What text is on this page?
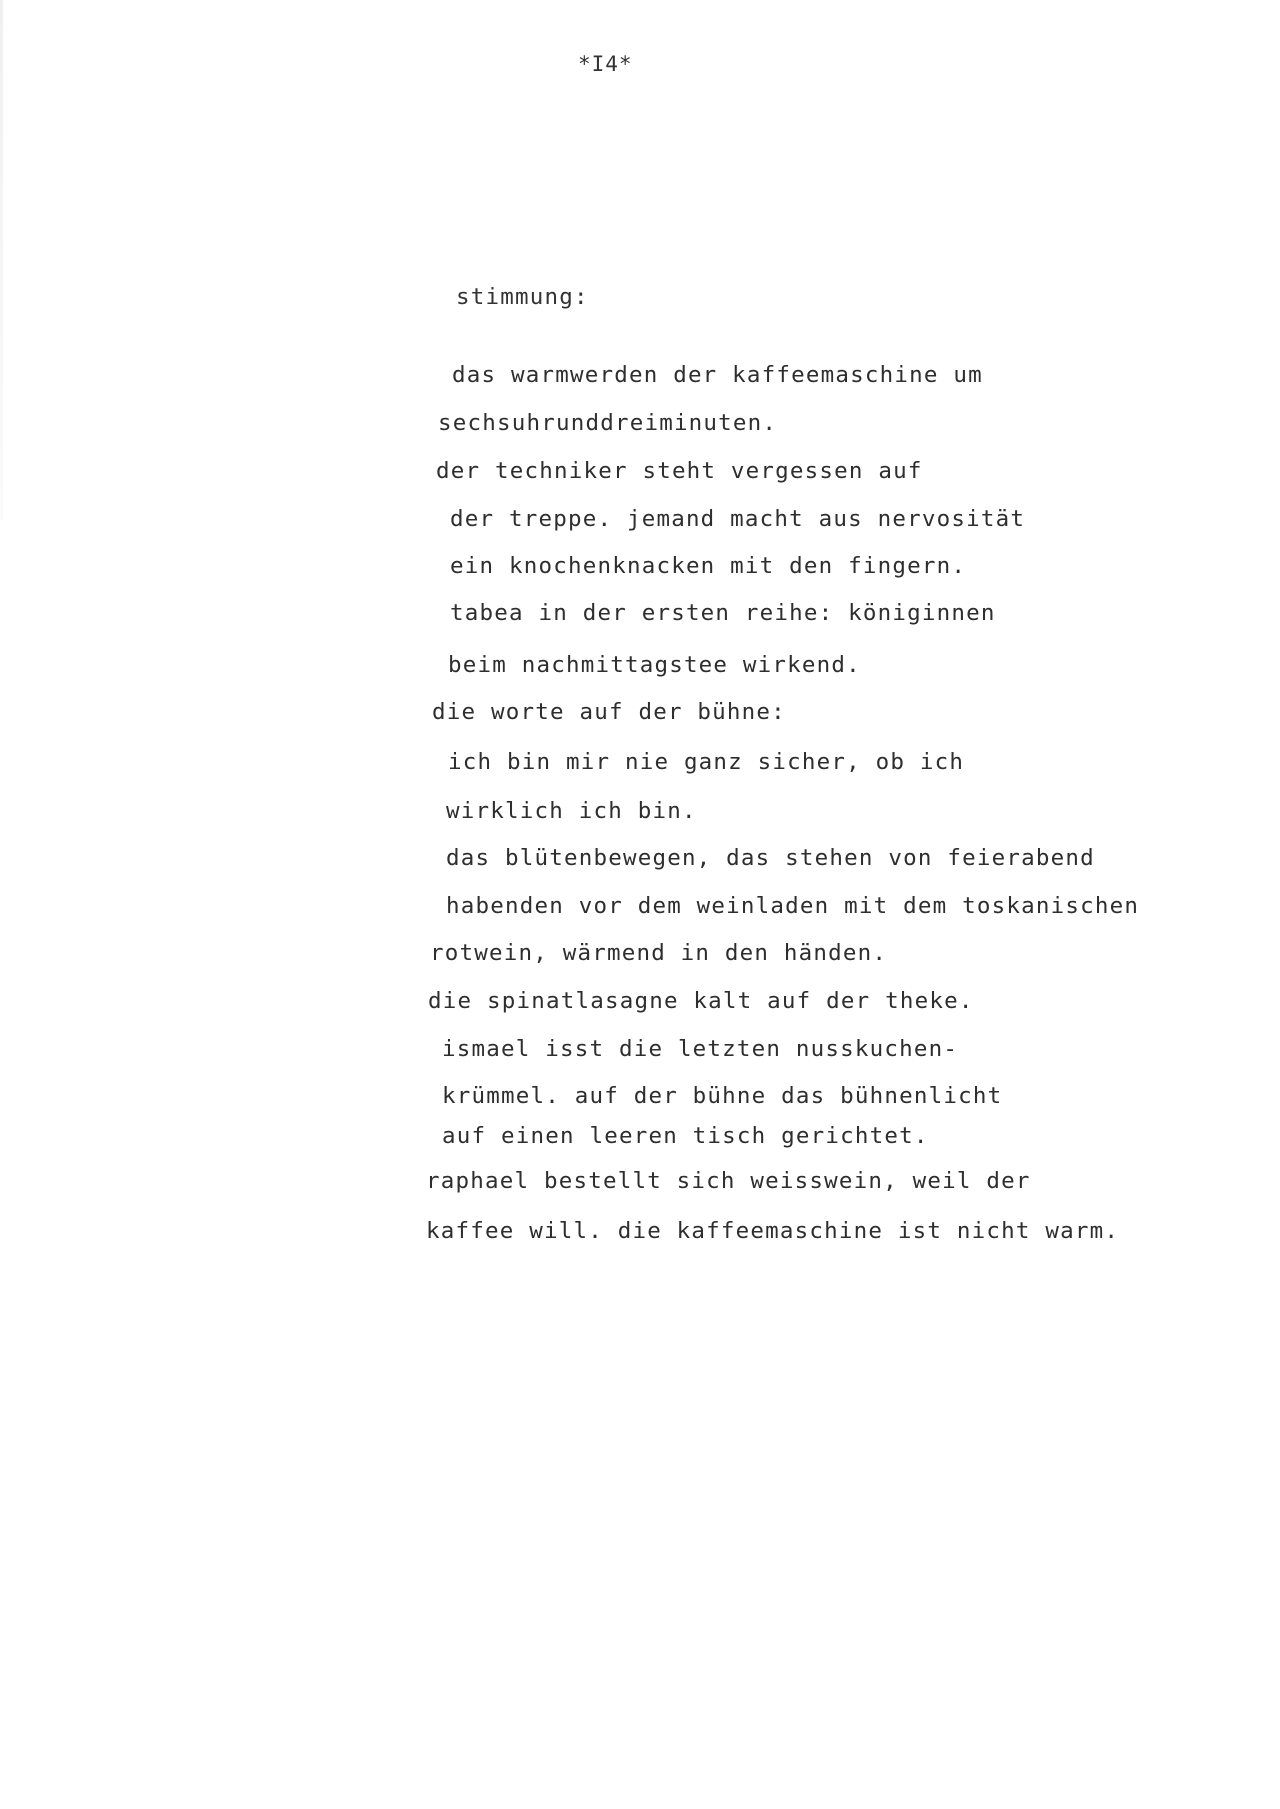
*I4*
stimmung:
das warmwerden der kaffeemaschine um
sechsuhrunddreiminuten.
der techniker steht vergessen auf
der treppe. jemand macht aus nervosität
ein knochenknacken mit den fingern.
tabea in der ersten reihe: königinnen
beim nachmittagstee wirkend.
die worte auf der bühne:
ich bin mir nie ganz sicher, ob ich
wirklich ich bin.
das blütenbewegen, das stehen von feierabend
habenden vor dem weinladen mit dem toskanischen
rotwein, wärmend in den händen.
die spinatlasagne kalt auf der theke.
ismael isst die letzten nusskuchen-
krümmel. auf der bühne das bühnenlicht
auf einen leeren tisch gerichtet.
raphael bestellt sich weisswein, weil der
kaffee will. die kaffeemaschine ist nicht warm.
